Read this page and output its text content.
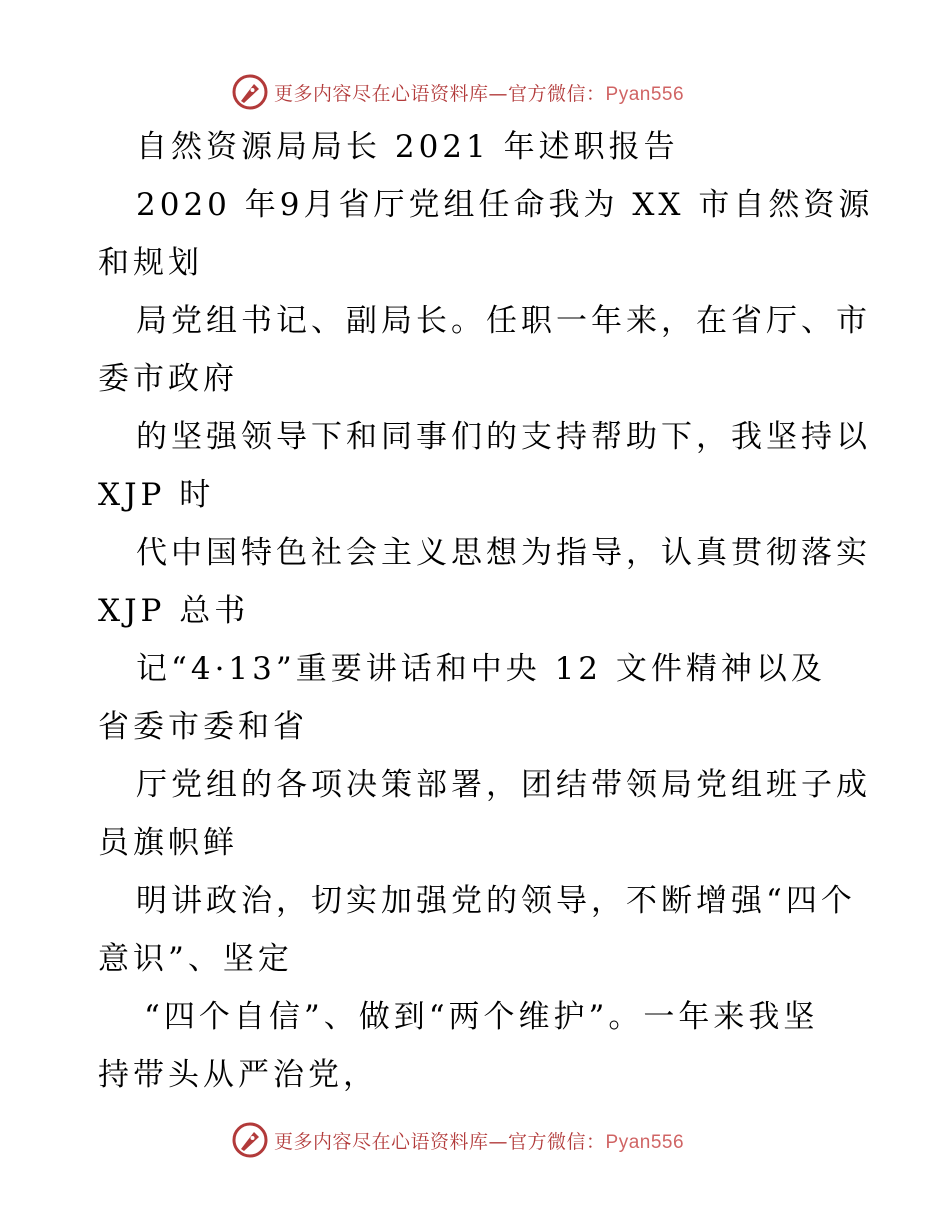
更多内容尽在心语资料库—官方微信：Pyan556
自然资源局局长 2021 年述职报告
2020 年9月省厅党组任命我为 XX 市自然资源
和规划
局党组书记、副局长。任职一年来，在省厅、市
委市政府
的坚强领导下和同事们的支持帮助下，我坚持以
XJP 时
代中国特色社会主义思想为指导，认真贯彻落实
XJP 总书
记“4·13”重要讲话和中央 12 文件精神以及
省委市委和省
厅党组的各项决策部署，团结带领局党组班子成
员旗帜鲜
明讲政治，切实加强党的领导，不断增强“四个
意识”、坚定
“四个自信”、做到“两个维护”。一年来我坚
持带头从严治党，
更多内容尽在心语资料库—官方微信：Pyan556
